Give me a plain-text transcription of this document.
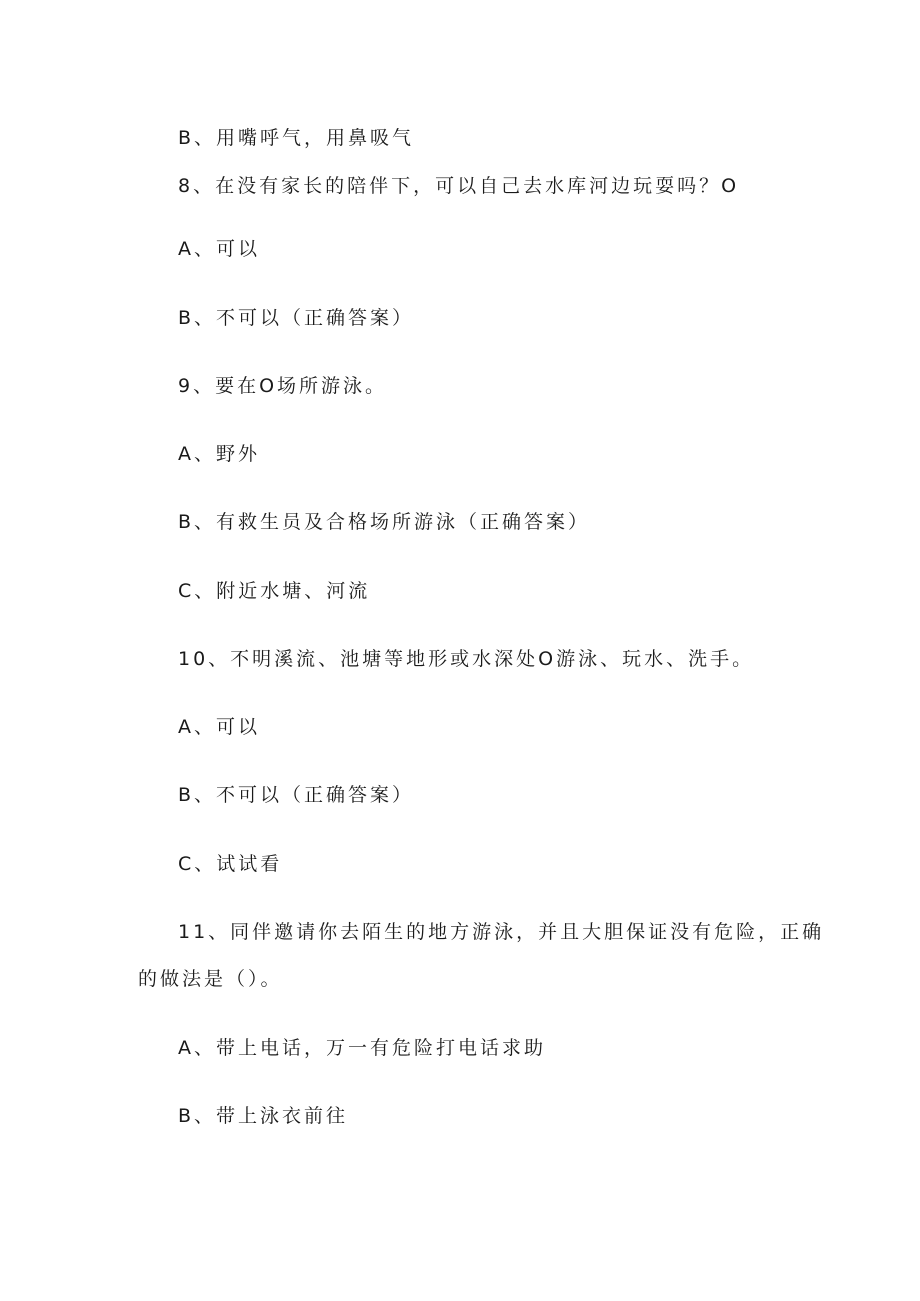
B、用嘴呼气，用鼻吸气
8、在没有家长的陪伴下，可以自己去水库河边玩耍吗？O
A、可以
B、不可以（正确答案）
9、要在O场所游泳。
A、野外
B、有救生员及合格场所游泳（正确答案）
C、附近水塘、河流
10、不明溪流、池塘等地形或水深处O游泳、玩水、洗手。
A、可以
B、不可以（正确答案）
C、试试看
11、同伴邀请你去陌生的地方游泳，并且大胆保证没有危险，正确
的做法是（）。
A、带上电话，万一有危险打电话求助
B、带上泳衣前往
